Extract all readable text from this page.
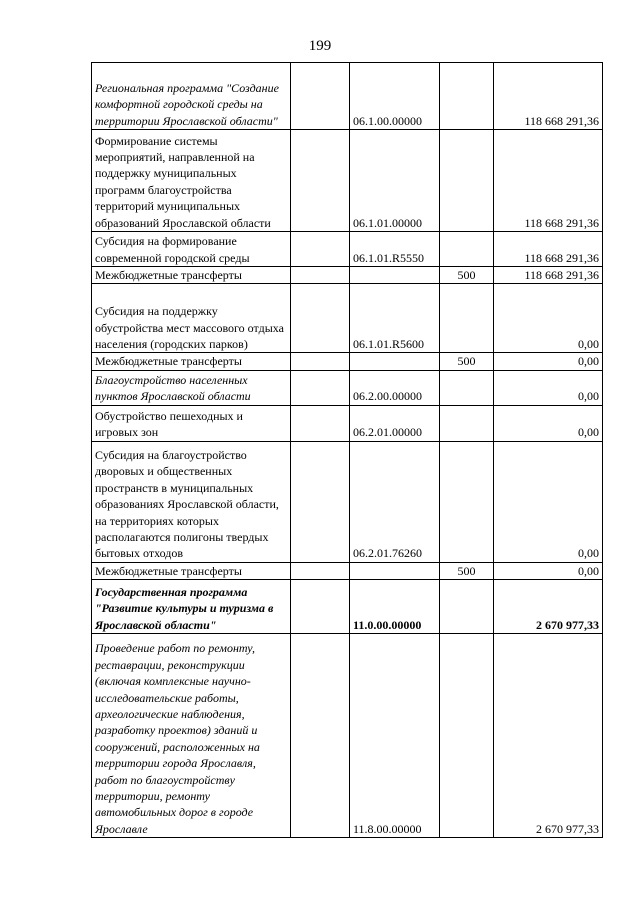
199
Региональная программа "Создание комфортной городской среды на территории Ярославской области"		06.1.00.00000		118 668 291,36
Формирование системы мероприятий, направленной на поддержку муниципальных программ благоустройства территорий муниципальных образований Ярославской области		06.1.01.00000		118 668 291,36
Субсидия на формирование современной городской среды		06.1.01.R5550		118 668 291,36
Межбюджетные трансферты			500	118 668 291,36
Субсидия на поддержку обустройства мест массового отдыха населения (городских парков)		06.1.01.R5600		0,00
Межбюджетные трансферты			500	0,00
Благоустройство населенных пунктов Ярославской области		06.2.00.00000		0,00
Обустройство пешеходных и игровых зон		06.2.01.00000		0,00
Субсидия на благоустройство дворовых и общественных пространств в муниципальных образованиях Ярославской области, на территориях которых располагаются полигоны твердых бытовых отходов		06.2.01.76260		0,00
Межбюджетные трансферты			500	0,00
Государственная программа "Развитие культуры и туризма в Ярославской области"		11.0.00.00000		2 670 977,33
Проведение работ по ремонту, реставрации, реконструкции (включая комплексные научно-исследовательские работы, археологические наблюдения, разработку проектов) зданий и сооружений, расположенных на территории города Ярославля, работ по благоустройству территории, ремонту автомобильных дорог в городе Ярославле		11.8.00.00000		2 670 977,33
